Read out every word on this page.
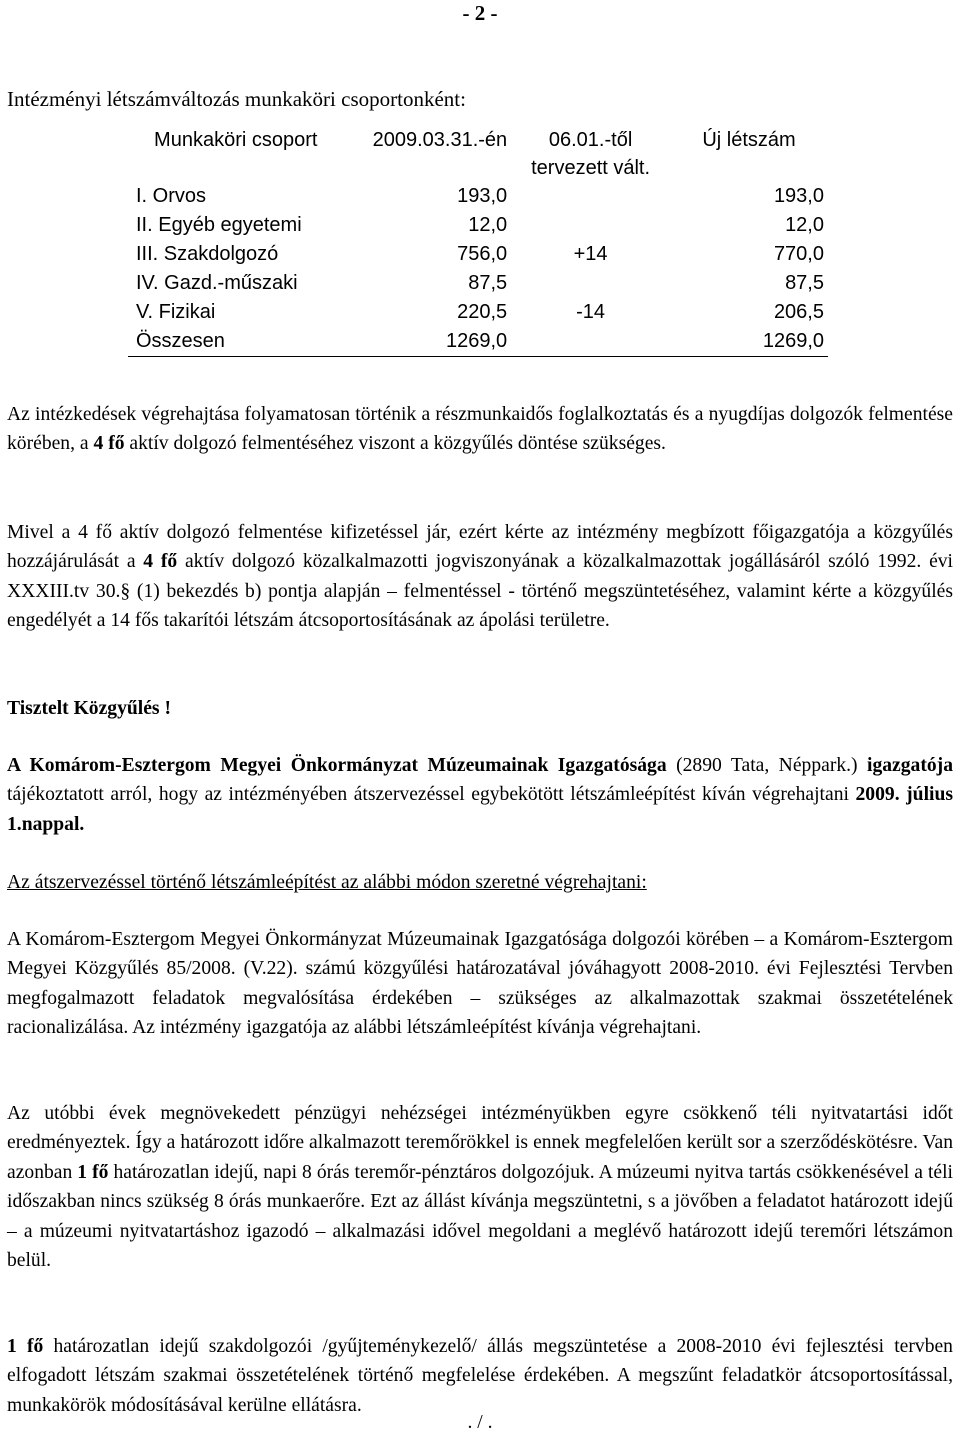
- 2 -
Intézményi létszámváltozás munkaköri csoportonként:
Munkaköri csoport	2009.03.31.-én	06.01.-től tervezett vált.	Új létszám
I. Orvos	193,0		193,0
II. Egyéb egyetemi	12,0		12,0
III. Szakdolgozó	756,0	+14	770,0
IV. Gazd.-műszaki	87,5		87,5
V. Fizikai	220,5	-14	206,5
Összesen	1269,0		1269,0

Az intézkedések végrehajtása folyamatosan történik a részmunkaidős foglalkoztatás és a nyugdíjas dolgozók felmentése körében, a 4 fő aktív dolgozó felmentéséhez viszont a közgyűlés döntése szükséges.

Mivel a 4 fő aktív dolgozó felmentése kifizetéssel jár, ezért kérte az intézmény megbízott főigazgatója a közgyűlés hozzájárulását a 4 fő aktív dolgozó közalkalmazotti jogviszonyának a közalkalmazottak jogállásáról szóló 1992. évi XXXIII.tv 30.§ (1) bekezdés b) pontja alapján – felmentéssel - történő megszüntetéséhez, valamint kérte a közgyűlés engedélyét a 14 fős takarítói létszám átcsoportosításának az ápolási területre.

Tisztelt Közgyűlés !

A Komárom-Esztergom Megyei Önkormányzat Múzeumainak Igazgatósága (2890 Tata, Néppark.) igazgatója tájékoztatott arról, hogy az intézményében átszervezéssel egybekötött létszámleépítést kíván végrehajtani 2009. július 1.nappal.

Az átszervezéssel történő létszámleépítést az alábbi módon szeretné végrehajtani:

A Komárom-Esztergom Megyei Önkormányzat Múzeumainak Igazgatósága dolgozói körében – a Komárom-Esztergom Megyei Közgyűlés 85/2008. (V.22). számú közgyűlési határozatával jóváhagyott 2008-2010. évi Fejlesztési Tervben megfogalmazott feladatok megvalósítása érdekében – szükséges az alkalmazottak szakmai összetételének racionalizálása. Az intézmény igazgatója az alábbi létszámleépítést kívánja végrehajtani.

Az utóbbi évek megnövekedett pénzügyi nehézségei intézményükben egyre csökkenő téli nyitvatartási időt eredményeztek. Így a határozott időre alkalmazott teremőrökkel is ennek megfelelően került sor a szerződéskötésre. Van azonban 1 fő határozatlan idejű, napi 8 órás teremőr-pénztáros dolgozójuk. A múzeumi nyitva tartás csökkenésével a téli időszakban nincs szükség 8 órás munkaerőre. Ezt az állást kívánja megszüntetni, s a jövőben a feladatot határozott idejű – a múzeumi nyitvatartáshoz igazodó – alkalmazási idővel megoldani a meglévő határozott idejű teremőri létszámon belül.

1 fő határozatlan idejű szakdolgozói /gyűjteménykezelő/ állás megszüntetése a 2008-2010 évi fejlesztési tervben elfogadott létszám szakmai összetételének történő megfelelése érdekében. A megszűnt feladatkör átcsoportosítással, munkakörök módosításával kerülne ellátásra.

. / .
